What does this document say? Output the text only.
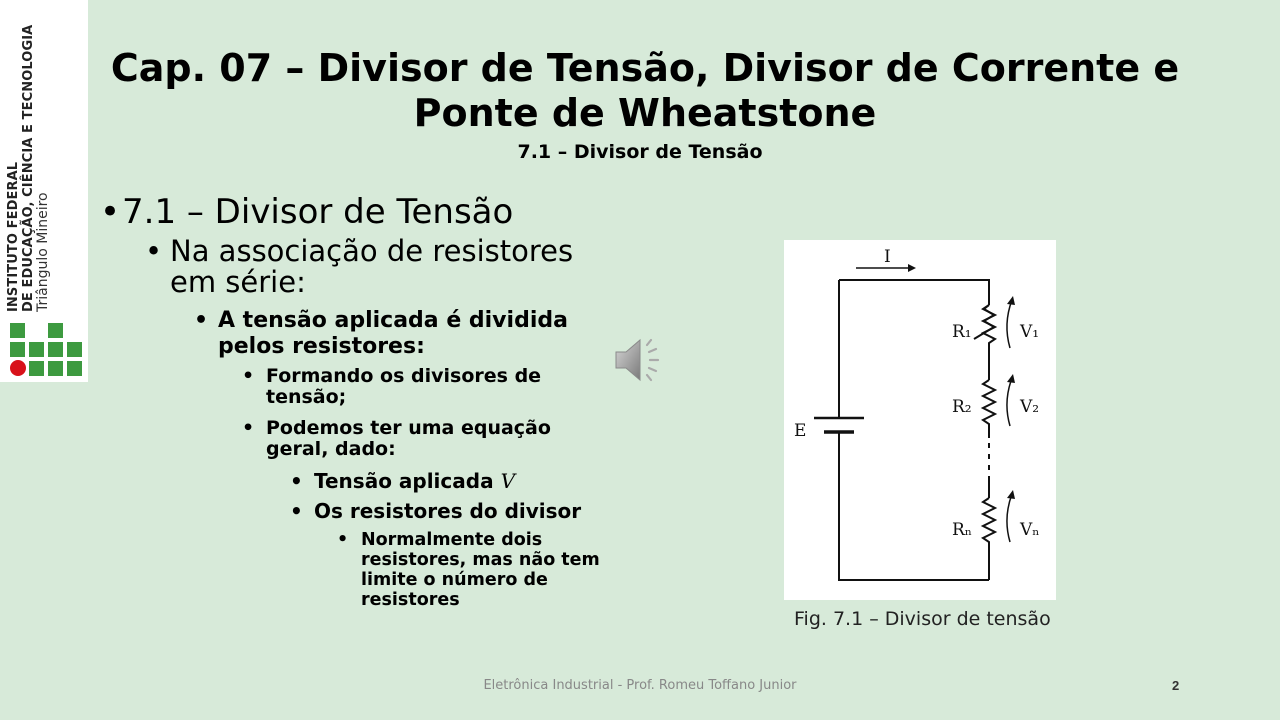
INSTITUTO FEDERAL DE EDUCAÇÃO, CIÊNCIA E TECNOLOGIA Triângulo Mineiro
Cap. 07 – Divisor de Tensão, Divisor de Corrente e
Ponte de Wheatstone
7.1 – Divisor de Tensão
• 7.1 – Divisor de Tensão
• Na associação de resistores
em série:
• A tensão aplicada é dividida
pelos resistores:
• Formando os divisores de
tensão;
• Podemos ter uma equação
geral, dado:
• Tensão aplicada V
• Os resistores do divisor
• Normalmente dois
resistores, mas não tem
limite o número de
resistores
I
E
R₁
R₂
Rₙ
V₁
V₂
Vₙ
Fig. 7.1 – Divisor de tensão
Eletrônica Industrial - Prof. Romeu Toffano Junior	2
